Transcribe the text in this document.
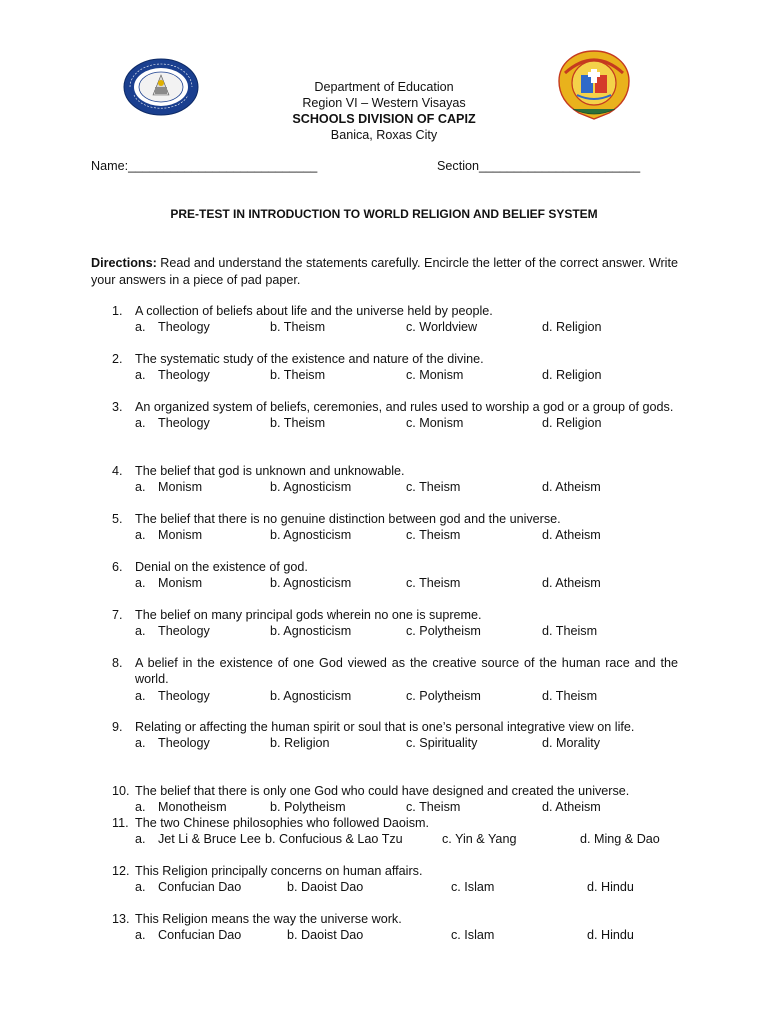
Department of Education
Region VI – Western Visayas
SCHOOLS DIVISION OF CAPIZ
Banica, Roxas City
Name:___________________________	Section_______________________
PRE-TEST IN INTRODUCTION TO WORLD RELIGION AND BELIEF SYSTEM
Directions: Read and understand the statements carefully. Encircle the letter of the correct answer. Write your answers in a piece of pad paper.
1. A collection of beliefs about life and the universe held by people.
a. Theology	b. Theism	c. Worldview	d. Religion
2. The systematic study of the existence and nature of the divine.
a. Theology	b. Theism	c. Monism	d. Religion
3. An organized system of beliefs, ceremonies, and rules used to worship a god or a group of gods.
a. Theology	b. Theism	c. Monism	d. Religion
4. The belief that god is unknown and unknowable.
a. Monism	b. Agnosticism	c. Theism	d. Atheism
5. The belief that there is no genuine distinction between god and the universe.
a. Monism	b. Agnosticism	c. Theism	d. Atheism
6. Denial on the existence of god.
a. Monism	b. Agnosticism	c. Theism	d. Atheism
7. The belief on many principal gods wherein no one is supreme.
a. Theology	b. Agnosticism	c. Polytheism	d. Theism
8. A belief in the existence of one God viewed as the creative source of the human race and the world.
a. Theology	b. Agnosticism	c. Polytheism	d. Theism
9. Relating or affecting the human spirit or soul that is one’s personal integrative view on life.
a. Theology	b. Religion	c. Spirituality	d. Morality
10. The belief that there is only one God who could have designed and created the universe.
a. Monotheism	b. Polytheism	c. Theism	d. Atheism
11. The two Chinese philosophies who followed Daoism.
a. Jet Li & Bruce Lee b. Confucious & Lao Tzu	c. Yin & Yang	d. Ming & Dao
12. This Religion principally concerns on human affairs.
a. Confucian Dao	b. Daoist Dao	c. Islam	d. Hindu
13. This Religion means the way the universe work.
a. Confucian Dao	b. Daoist Dao	c. Islam	d. Hindu
